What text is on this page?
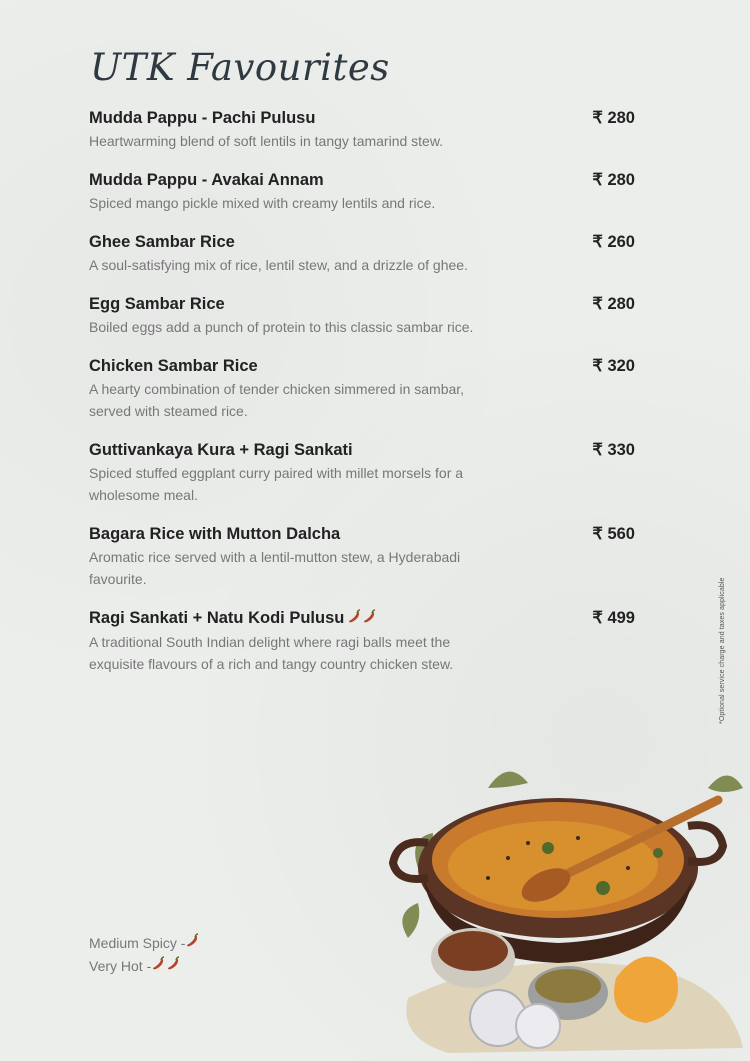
UTK Favourites
Mudda Pappu - Pachi Pulusu	₹ 280
Heartwarming blend of soft lentils in tangy tamarind stew.
Mudda Pappu - Avakai Annam	₹ 280
Spiced mango pickle mixed with creamy lentils and rice.
Ghee Sambar Rice	₹ 260
A soul-satisfying mix of rice, lentil stew, and a drizzle of ghee.
Egg Sambar Rice	₹ 280
Boiled eggs add a punch of protein to this classic sambar rice.
Chicken Sambar Rice	₹ 320
A hearty combination of tender chicken simmered in sambar, served with steamed rice.
Guttivankaya Kura + Ragi Sankati	₹ 330
Spiced stuffed eggplant curry paired with millet morsels for a wholesome meal.
Bagara Rice with Mutton Dalcha	₹ 560
Aromatic rice served with a lentil-mutton stew, a Hyderabadi favourite.
Ragi Sankati + Natu Kodi Pulusu	₹ 499
A traditional South Indian delight where ragi balls meet the exquisite flavours of a rich and tangy country chicken stew.	*Optional service charge and taxes applicable
Medium Spicy -
Very Hot -
